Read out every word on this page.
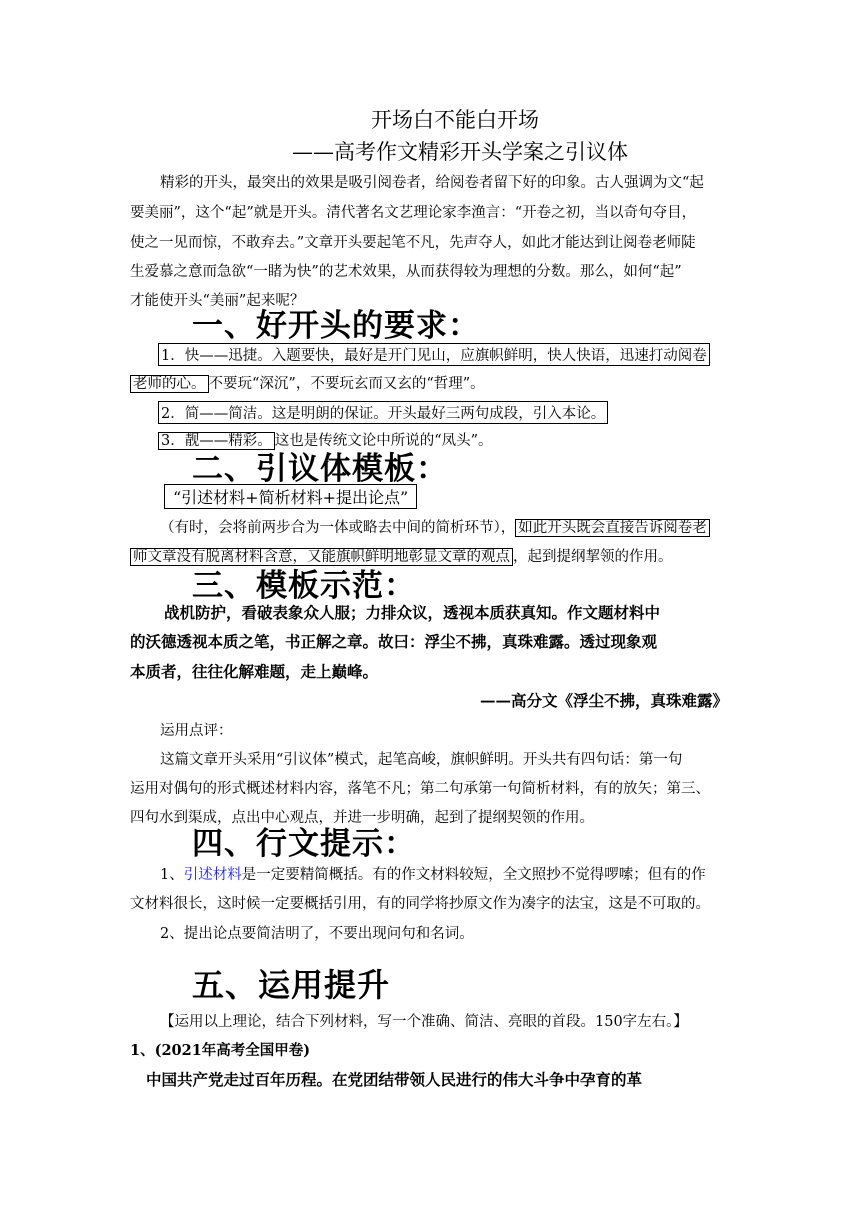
开场白不能白开场
——高考作文精彩开头学案之引议体
精彩的开头，最突出的效果是吸引阅卷者，给阅卷者留下好的印象。古人强调为文“起
要美丽”，这个“起”就是开头。清代著名文艺理论家李渔言：“开卷之初，当以奇句夺目，
使之一见而惊，不敢弃去。”文章开头要起笔不凡，先声夺人，如此才能达到让阅卷老师陡
生爱慕之意而急欲“一睹为快”的艺术效果，从而获得较为理想的分数。那么，如何“起”
才能使开头“美丽”起来呢？
一、好开头的要求：
1．快——迅捷。入题要快，最好是开门见山，应旗帜鲜明，快人快语，迅速打动阅卷
老师的心。 不要玩“深沉”，不要玩玄而又玄的“哲理”。
2．简——简洁。这是明朗的保证。开头最好三两句成段，引入本论。
3．靓——精彩。 这也是传统文论中所说的“凤头”。
二、引议体模板：
“引述材料+简析材料+提出论点”
（有时，会将前两步合为一体或略去中间的简析环节）， 如此开头既会直接告诉阅卷老
师文章没有脱离材料含意，又能旗帜鲜明地彰显文章的观点 ，起到提纲挈领的作用。
三、模板示范：
战机防护，看破表象众人服；力排众议，透视本质获真知。作文题材料中
的沃德透视本质之笔，书正解之章。故曰：浮尘不拂，真珠难露。透过现象观
本质者，往往化解难题，走上巅峰。
——高分文《浮尘不拂，真珠难露》
运用点评：
这篇文章开头采用“引议体”模式，起笔高峻，旗帜鲜明。开头共有四句话：第一句
运用对偶句的形式概述材料内容，落笔不凡；第二句承第一句简析材料，有的放矢；第三、
四句水到渠成，点出中心观点，并进一步明确，起到了提纲契领的作用。
四、行文提示：
1、引述材料是一定要精简概括。有的作文材料较短，全文照抄不觉得啰嗦；但有的作
文材料很长，这时候一定要概括引用，有的同学将抄原文作为凑字的法宝，这是不可取的。
2、提出论点要简洁明了，不要出现问句和名词。
五、运用提升
【运用以上理论，结合下列材料，写一个准确、简洁、亮眼的首段。150字左右。】
1、(2021年高考全国甲卷)
中国共产党走过百年历程。在党团结带领人民进行的伟大斗争中孕育的革
